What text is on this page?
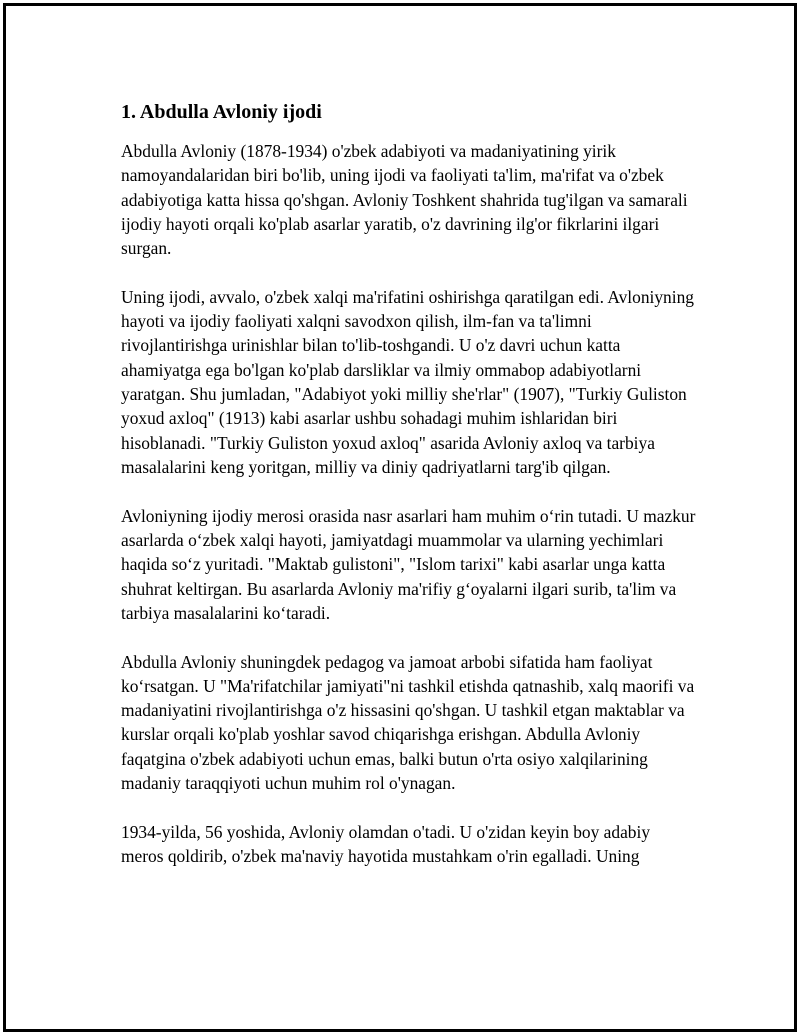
1. Abdulla Avloniy ijodi

Abdulla Avloniy (1878-1934) o'zbek adabiyoti va madaniyatining yirik namoyandalaridan biri bo'lib, uning ijodi va faoliyati ta'lim, ma'rifat va o'zbek adabiyotiga katta hissa qo'shgan. Avloniy Toshkent shahrida tug'ilgan va samarali ijodiy hayoti orqali ko'plab asarlar yaratib, o'z davrining ilg'or fikrlarini ilgari surgan.

Uning ijodi, avvalo, o'zbek xalqi ma'rifatini oshirishga qaratilgan edi. Avloniyning hayoti va ijodiy faoliyati xalqni savodxon qilish, ilm-fan va ta'limni rivojlantirishga urinishlar bilan to'lib-toshgandi. U o'z davri uchun katta ahamiyatga ega bo'lgan ko'plab darsliklar va ilmiy ommabop adabiyotlarni yaratgan. Shu jumladan, "Adabiyot yoki milliy she'rlar" (1907), "Turkiy Guliston yoxud axloq" (1913) kabi asarlar ushbu sohadagi muhim ishlaridan biri hisoblanadi. "Turkiy Guliston yoxud axloq" asarida Avloniy axloq va tarbiya masalalarini keng yoritgan, milliy va diniy qadriyatlarni targ'ib qilgan.

Avloniyning ijodiy merosi orasida nasr asarlari ham muhim o‘rin tutadi. U mazkur asarlarda o‘zbek xalqi hayoti, jamiyatdagi muammolar va ularning yechimlari haqida so‘z yuritadi. "Maktab gulistoni", "Islom tarixi" kabi asarlar unga katta shuhrat keltirgan. Bu asarlarda Avloniy ma'rifiy g‘oyalarni ilgari surib, ta'lim va tarbiya masalalarini ko‘taradi.

Abdulla Avloniy shuningdek pedagog va jamoat arbobi sifatida ham faoliyat ko‘rsatgan. U "Ma'rifatchilar jamiyati"ni tashkil etishda qatnashib, xalq maorifi va madaniyatini rivojlantirishga o'z hissasini qo'shgan. U tashkil etgan maktablar va kurslar orqali ko'plab yoshlar savod chiqarishga erishgan. Abdulla Avloniy faqatgina o'zbek adabiyoti uchun emas, balki butun o'rta osiyo xalqilarining madaniy taraqqiyoti uchun muhim rol o'ynagan.

1934-yilda, 56 yoshida, Avloniy olamdan o'tadi. U o'zidan keyin boy adabiy meros qoldirib, o'zbek ma'naviy hayotida mustahkam o'rin egalladi. Uning
